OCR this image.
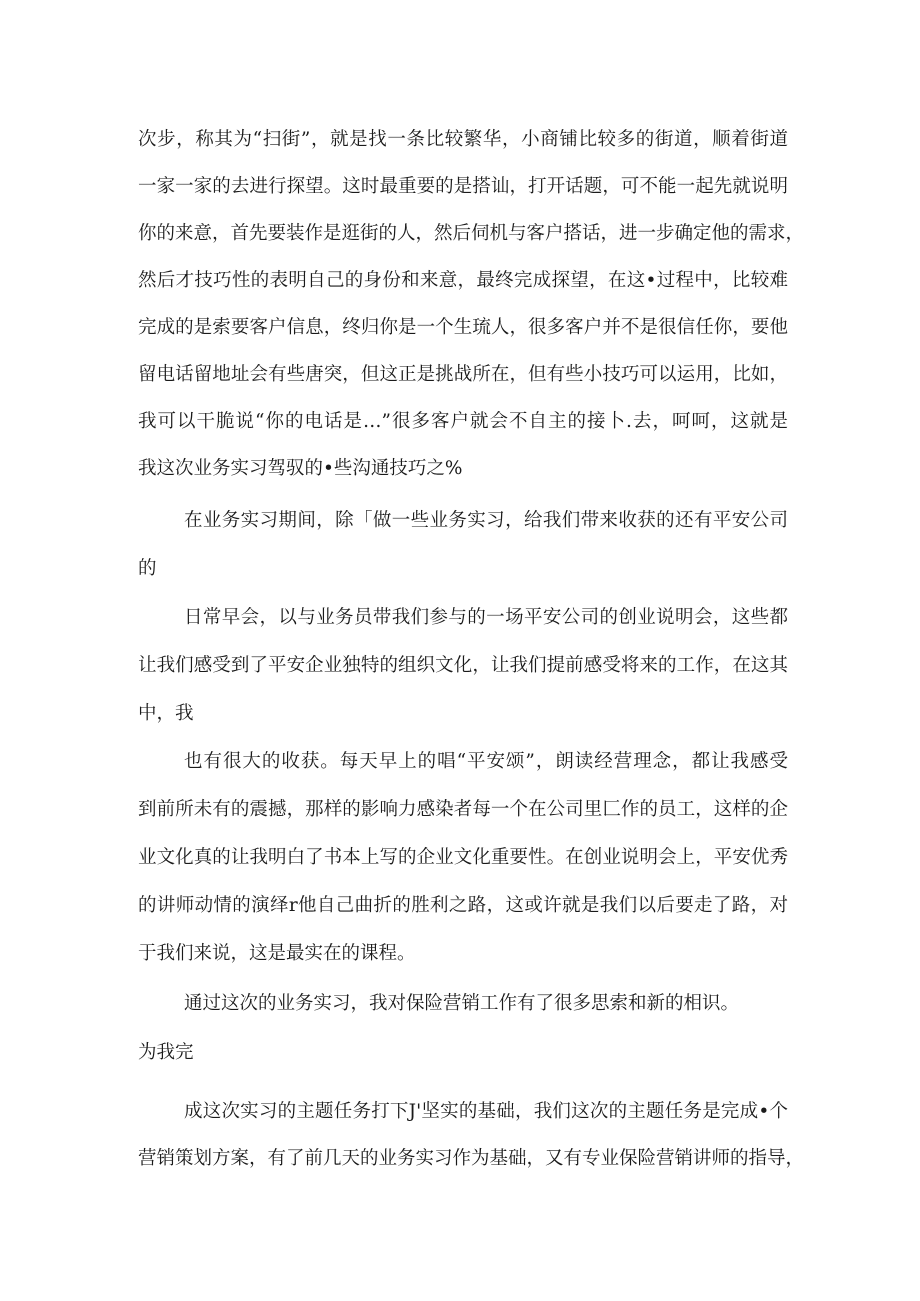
次步，称其为“扫街”，就是找一条比较繁华，小商铺比较多的街道，顺着街道
一家一家的去进行探望。这时最重要的是搭讪，打开话题，可不能一起先就说明
你的来意，首先要装作是逛街的人，然后伺机与客户搭话，进一步确定他的需求，
然后才技巧性的表明自己的身份和来意，最终完成探望，在这•过程中，比较难
完成的是索要客户信息，终归你是一个生琉人，很多客户并不是很信任你，要他
留电话留地址会有些唐突，但这正是挑战所在，但有些小技巧可以运用，比如，
我可以干脆说“你的电话是…”很多客户就会不自主的接卜.去，呵呵，这就是
我这次业务实习驾驭的•些沟通技巧之%
在业务实习期间，除「做一些业务实习，给我们带来收获的还有平安公司
的
日常早会，以与业务员带我们参与的一场平安公司的创业说明会，这些都
让我们感受到了平安企业独特的组织文化，让我们提前感受将来的工作，在这其
中，我
也有很大的收获。每天早上的唱“平安颂”，朗读经营理念，都让我感受
到前所未有的震撼，那样的影响力感染者每一个在公司里匚作的员工，这样的企
业文化真的让我明白了书本上写的企业文化重要性。在创业说明会上，平安优秀
的讲师动情的演绎r他自己曲折的胜利之路，这或许就是我们以后要走了路，对
于我们来说，这是最实在的课程。
通过这次的业务实习，我对保险营销工作有了很多思索和新的相识。
为我完
成这次实习的主题任务打下J'坚实的基础，我们这次的主题任务是完成•个
营销策划方案，有了前几天的业务实习作为基础，又有专业保险营销讲师的指导，
